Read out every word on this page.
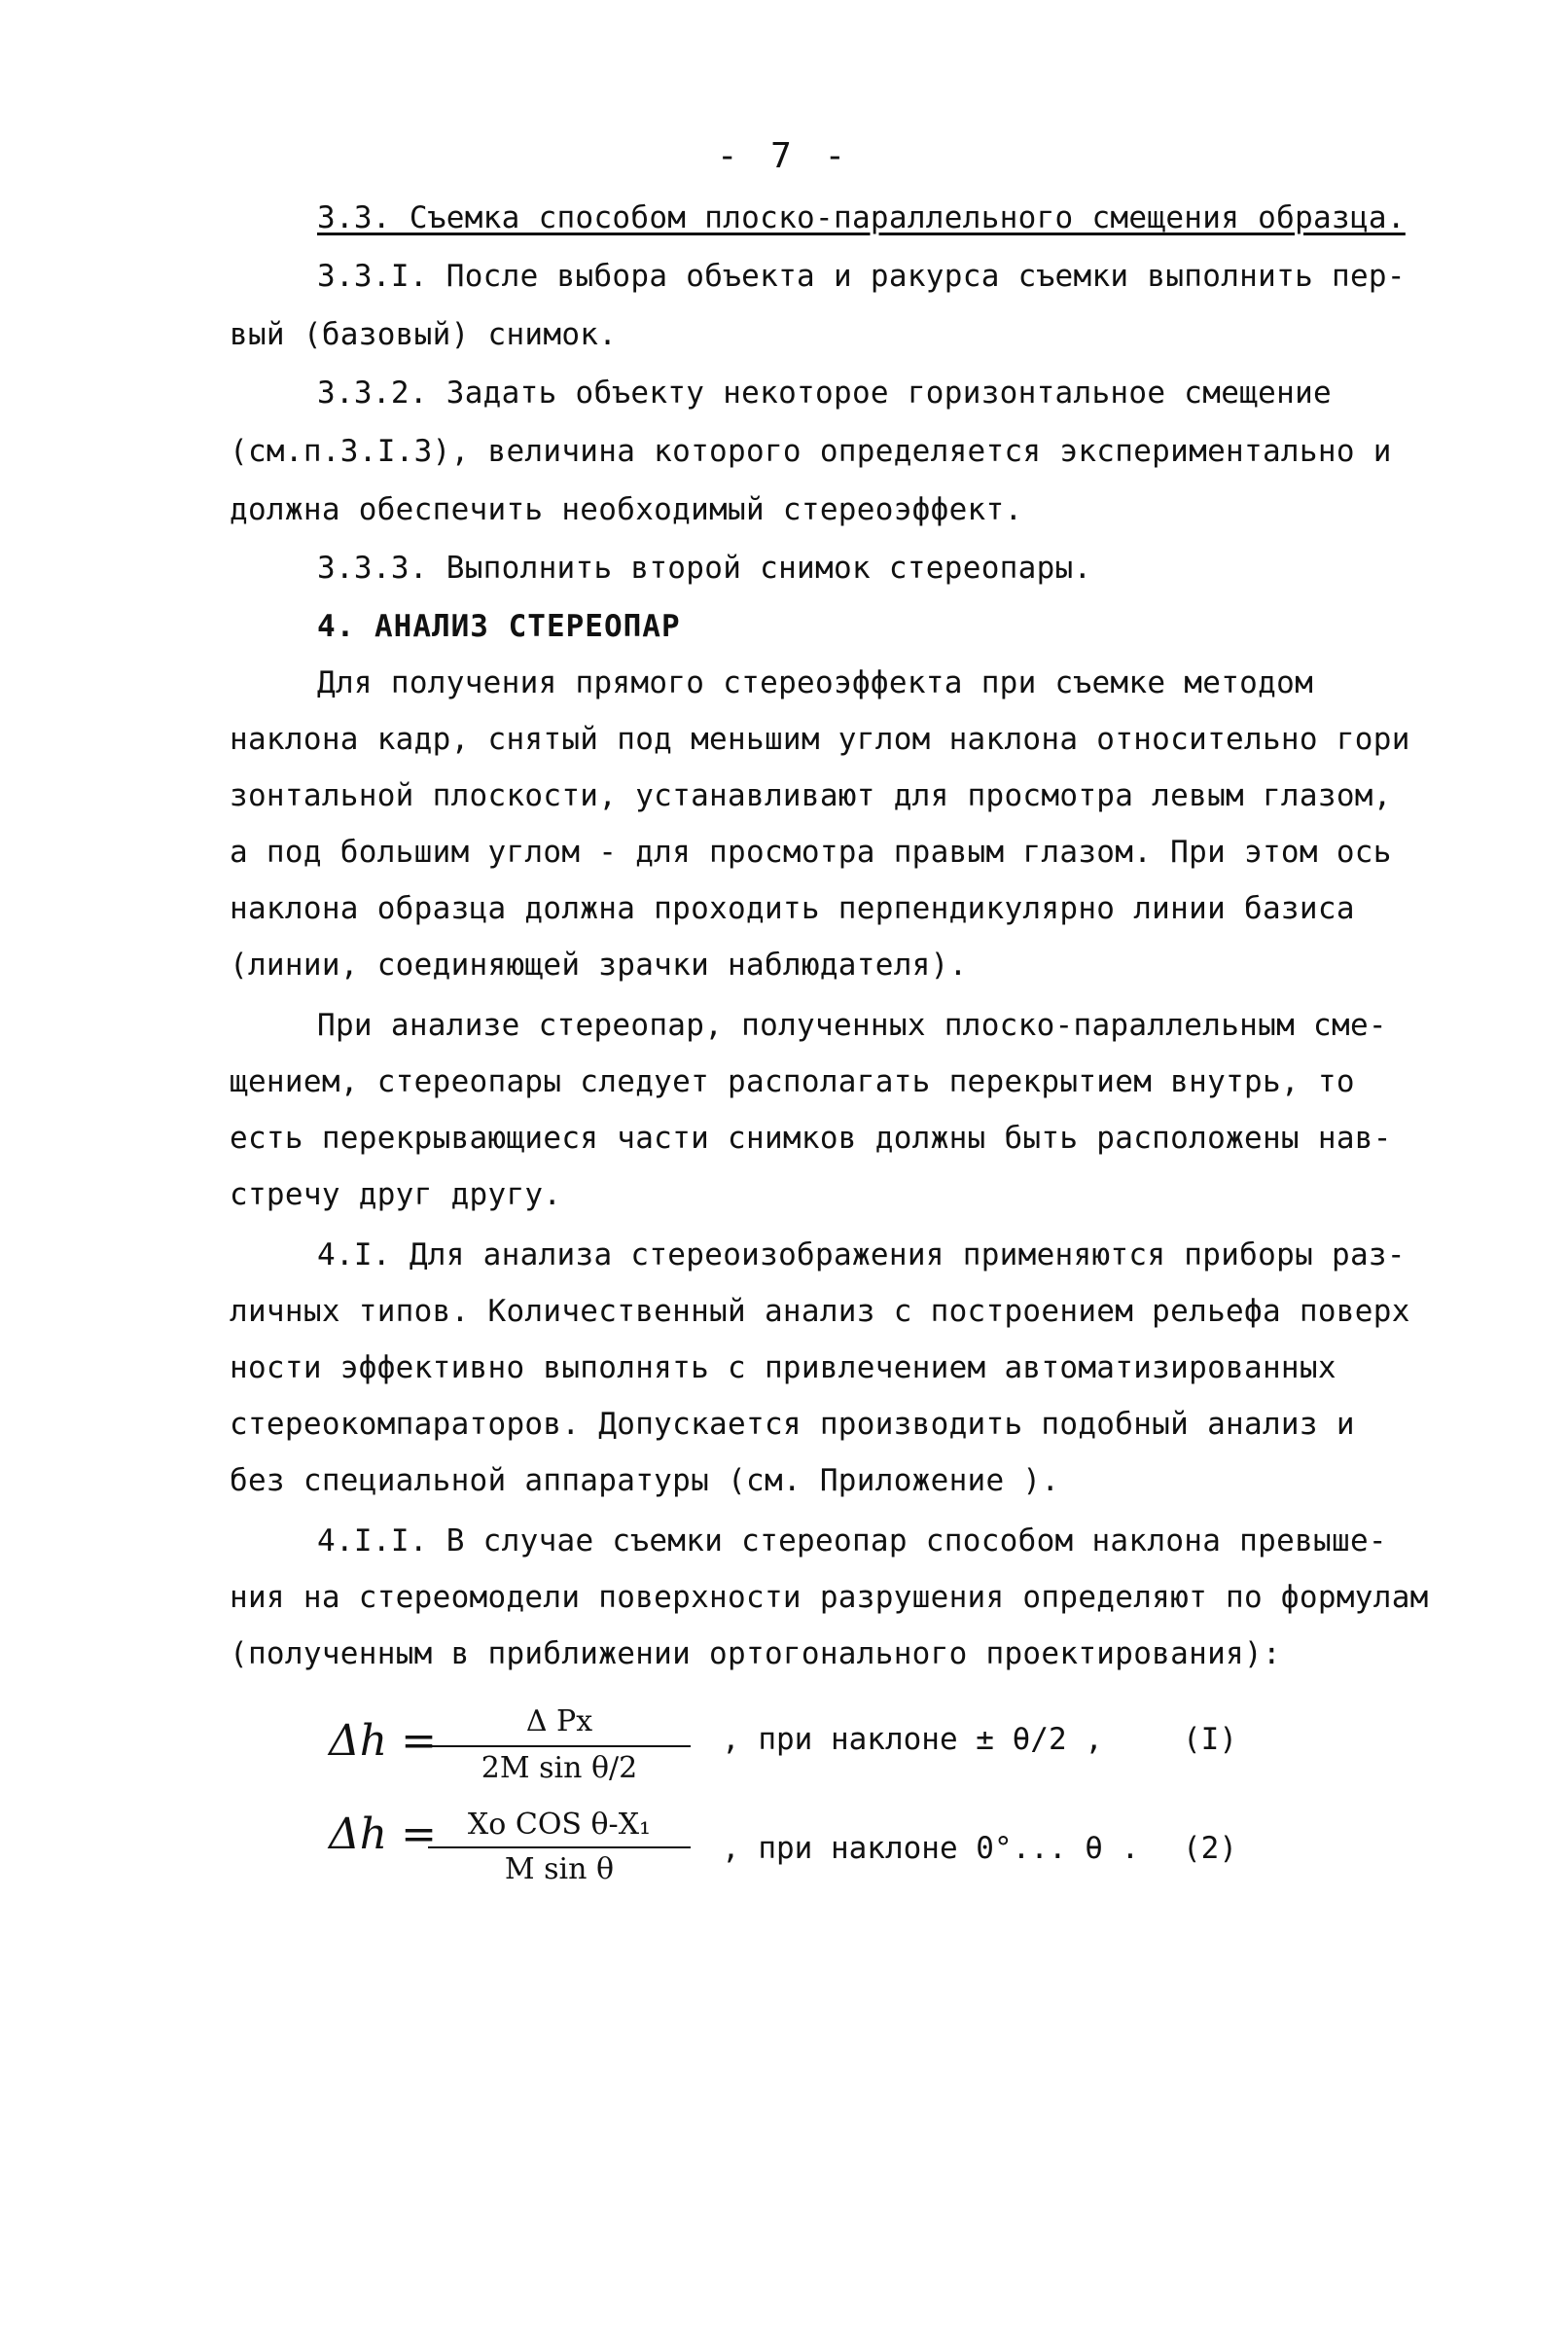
- 7 -
3.3. Съемка способом плоско-параллельного смещения образца.
3.3.I. После выбора объекта и ракурса съемки выполнить пер-
вый (базовый) снимок.
3.3.2. Задать объекту некоторое горизонтальное смещение
(см.п.3.I.3), величина которого определяется экспериментально и
должна обеспечить необходимый стереоэффект.
3.3.3. Выполнить второй снимок стереопары.
4. АНАЛИЗ СТЕРЕОПАР
Для получения прямого стереоэффекта при съемке методом
наклона кадр, снятый под меньшим углом наклона относительно гори
зонтальной плоскости, устанавливают для просмотра левым глазом,
а под большим углом - для просмотра правым глазом. При этом ось
наклона образца должна проходить перпендикулярно линии базиса
(линии, соединяющей зрачки наблюдателя).
При анализе стереопар, полученных плоско-параллельным сме-
щением, стереопары следует располагать перекрытием внутрь, то
есть перекрывающиеся части снимков должны быть расположены нав-
стречу друг другу.
4.I. Для анализа стереоизображения применяются приборы раз-
личных типов. Количественный анализ с построением рельефа поверх
ности эффективно выполнять с привлечением автоматизированных
стереокомпараторов. Допускается производить подобный анализ и
без специальной аппаратуры (см. Приложение ).
4.I.I. В случае съемки стереопар способом наклона превыше-
ния на стереомодели поверхности разрушения определяют по формулам
(полученным в приближении ортогонального проектирования):
Δh =	Δ Px
2M sin θ/2
, при наклоне ± θ/2 ,	(I)
Δh =	Xo COS θ-X₁
M sin θ
, при наклоне 0°... θ . (2)
